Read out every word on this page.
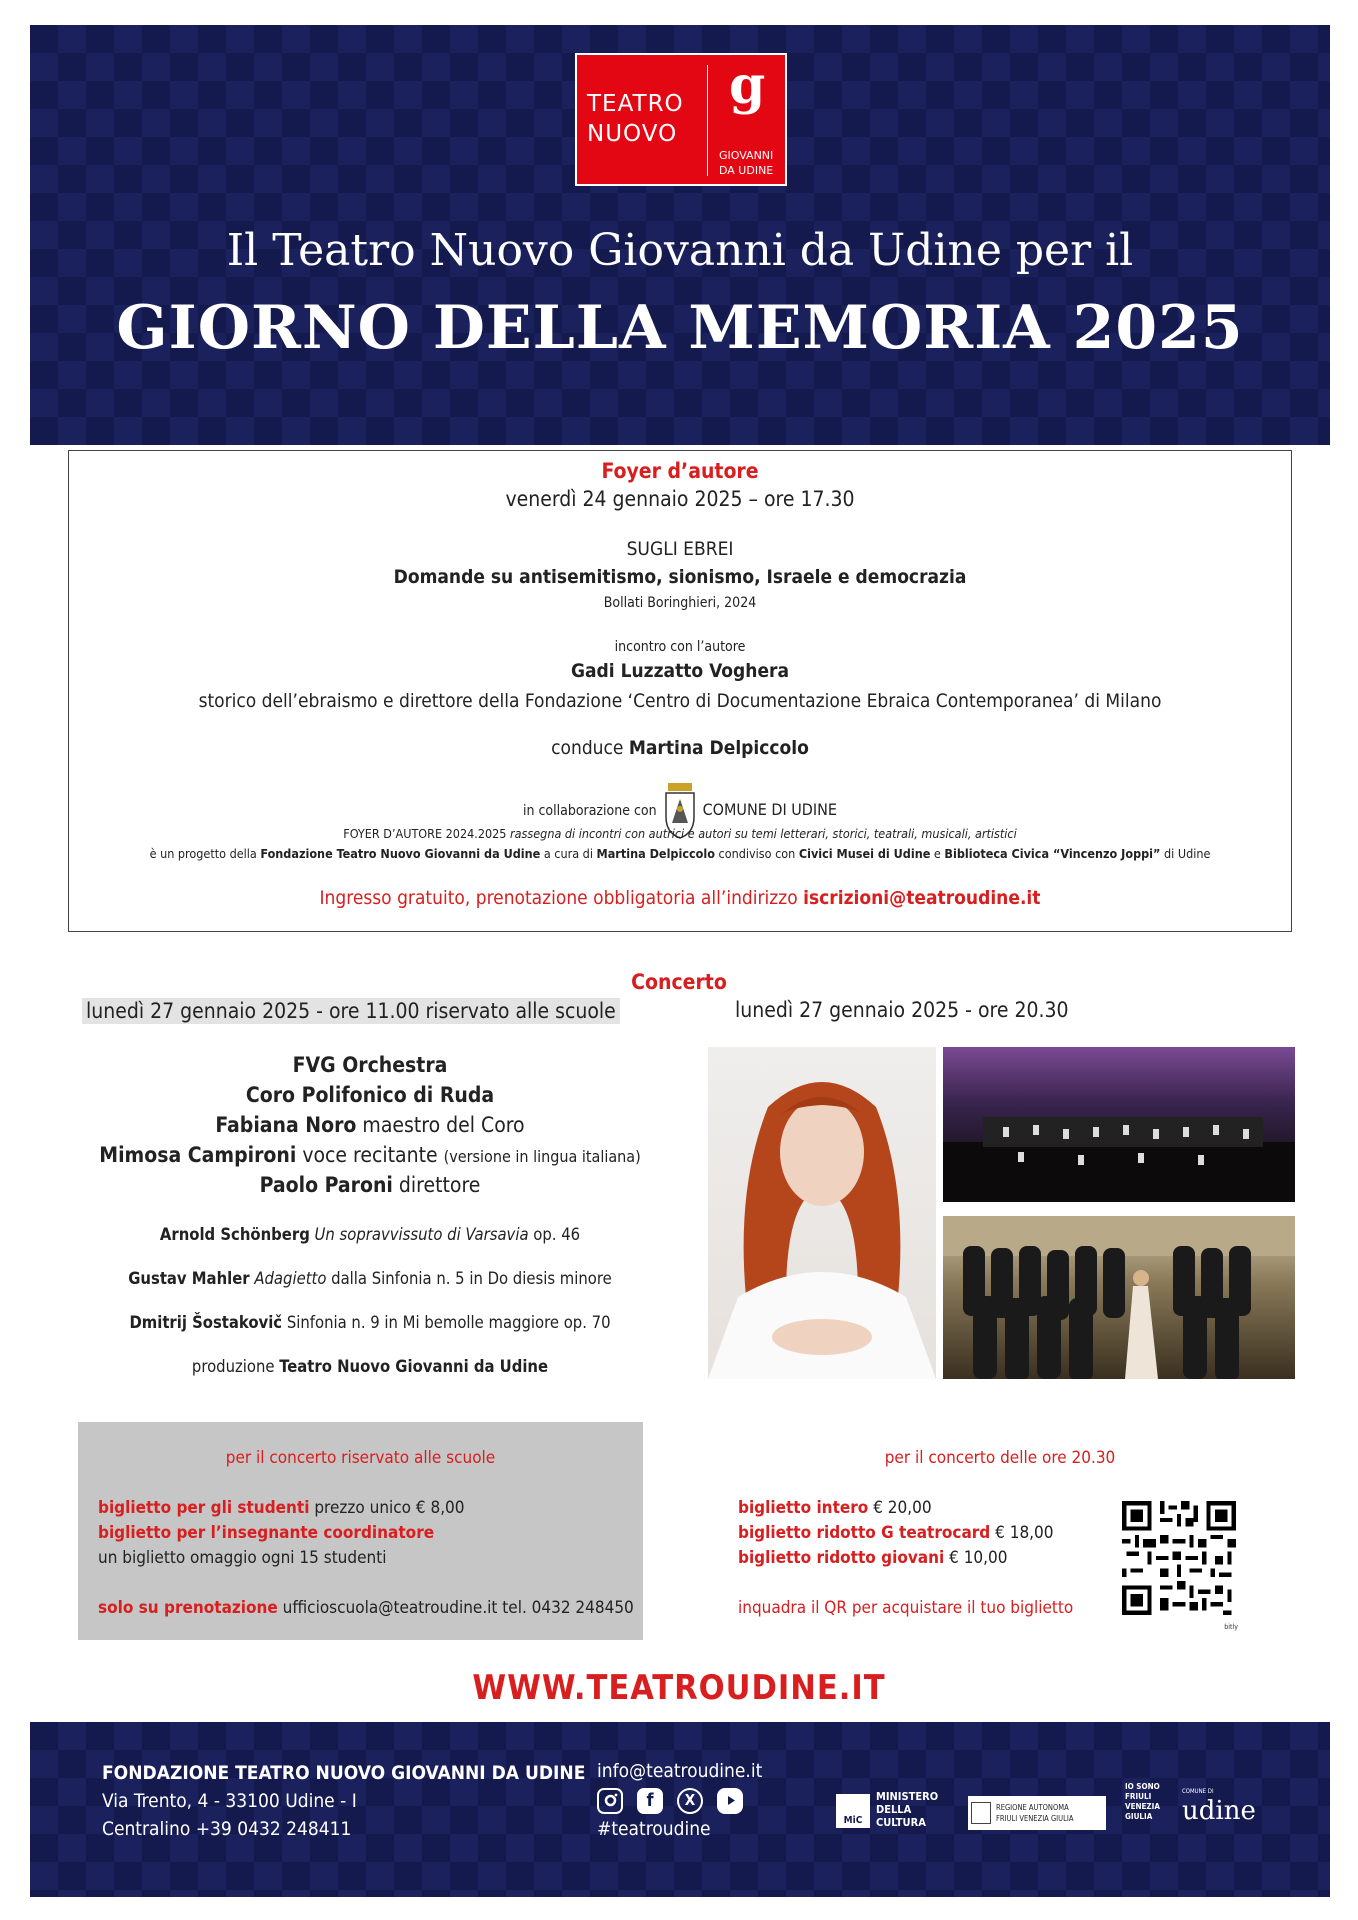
TEATRO
NUOVO
g
GIOVANNI
DA UDINE
Il Teatro Nuovo Giovanni da Udine per il
GIORNO DELLA MEMORIA 2025
Foyer d’autore
venerdì 24 gennaio 2025 – ore 17.30
SUGLI EBREI
Domande su antisemitismo, sionismo, Israele e democrazia
Bollati Boringhieri, 2024
incontro con l’autore
Gadi Luzzatto Voghera
storico dell’ebraismo e direttore della Fondazione ‘Centro di Documentazione Ebraica Contemporanea’ di Milano
conduce Martina Delpiccolo
in collaborazione con	COMUNE DI UDINE
FOYER D’AUTORE 2024.2025 rassegna di incontri con autrici e autori su temi letterari, storici, teatrali, musicali, artistici
è un progetto della Fondazione Teatro Nuovo Giovanni da Udine a cura di Martina Delpiccolo condiviso con Civici Musei di Udine e Biblioteca Civica “Vincenzo Joppi” di Udine
Ingresso gratuito, prenotazione obbligatoria all’indirizzo iscrizioni@teatroudine.it
Concerto
lunedì 27 gennaio 2025 - ore 11.00 riservato alle scuole	lunedì 27 gennaio 2025 - ore 20.30
FVG Orchestra
Coro Polifonico di Ruda
Fabiana Noro maestro del Coro
Mimosa Campironi voce recitante (versione in lingua italiana)
Paolo Paroni direttore
Arnold Schönberg Un sopravvissuto di Varsavia op. 46
Gustav Mahler Adagietto dalla Sinfonia n. 5 in Do diesis minore
Dmitrij Šostakovič Sinfonia n. 9 in Mi bemolle maggiore op. 70
produzione Teatro Nuovo Giovanni da Udine
per il concerto riservato alle scuole
biglietto per gli studenti prezzo unico € 8,00
biglietto per l’insegnante coordinatore
un biglietto omaggio ogni 15 studenti
solo su prenotazione ufficioscuola@teatroudine.it tel. 0432 248450
per il concerto delle ore 20.30
biglietto intero € 20,00
biglietto ridotto G teatrocard € 18,00
biglietto ridotto giovani € 10,00
inquadra il QR per acquistare il tuo biglietto
bitly
WWW.TEATROUDINE.IT
FONDAZIONE TEATRO NUOVO GIOVANNI DA UDINE
Via Trento, 4 - 33100 Udine - I
Centralino +39 0432 248411
info@teatroudine.it
f	X
#teatroudine	MiC
MINISTERO
DELLA
CULTURA
REGIONE AUTONOMA
FRIULI VENEZIA GIULIA
IO SONO
FRIULI
VENEZIA
GIULIA
COMUNE DI
udine
